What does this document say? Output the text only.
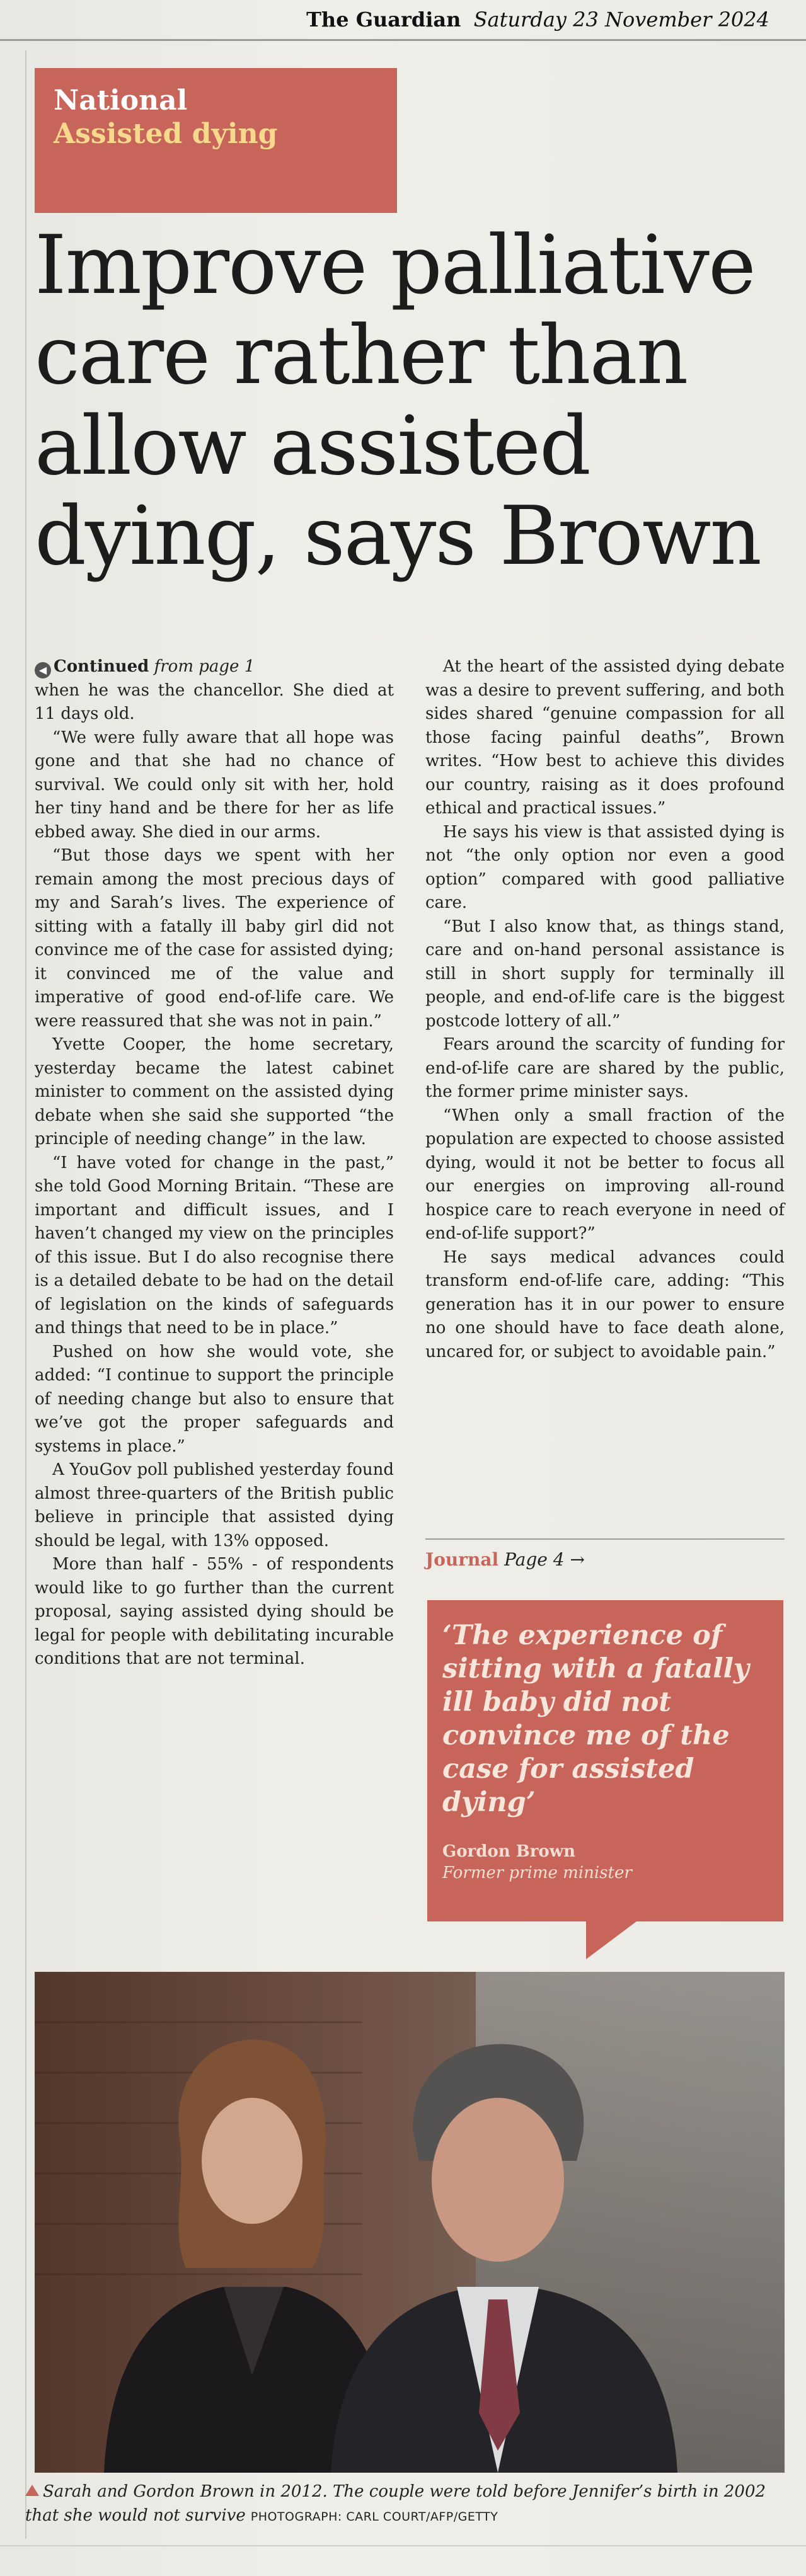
The Guardian Saturday 23 November 2024
National
Assisted dying
Improve palliative care rather than allow assisted dying, says Brown
◀ Continued from page 1

when he was the chancellor. She died at 11 days old.

“We were fully aware that all hope was gone and that she had no chance of survival. We could only sit with her, hold her tiny hand and be there for her as life ebbed away. She died in our arms.

“But those days we spent with her remain among the most precious days of my and Sarah’s lives. The experience of sitting with a fatally ill baby girl did not convince me of the case for assisted dying; it convinced me of the value and imperative of good end-of-life care. We were reassured that she was not in pain.”

Yvette Cooper, the home secretary, yesterday became the latest cabinet minister to comment on the assisted dying debate when she said she supported “the principle of needing change” in the law.

“I have voted for change in the past,” she told Good Morning Britain. “These are important and difficult issues, and I haven’t changed my view on the principles of this issue. But I do also recognise there is a detailed debate to be had on the detail of legislation on the kinds of safeguards and things that need to be in place.”

Pushed on how she would vote, she added: “I continue to support the principle of needing change but also to ensure that we’ve got the proper safeguards and systems in place.”

A YouGov poll published yesterday found almost three-quarters of the British public believe in principle that assisted dying should be legal, with 13% opposed.

More than half - 55% - of respondents would like to go further than the current proposal, saying assisted dying should be legal for people with debilitating incurable conditions that are not terminal.

At the heart of the assisted dying debate was a desire to prevent suffering, and both sides shared “genuine compassion for all those facing painful deaths”, Brown writes. “How best to achieve this divides our country, raising as it does profound ethical and practical issues.”

He says his view is that assisted dying is not “the only option nor even a good option” compared with good palliative care.

“But I also know that, as things stand, care and on-hand personal assistance is still in short supply for terminally ill people, and end-of-life care is the biggest postcode lottery of all.”

Fears around the scarcity of funding for end-of-life care are shared by the public, the former prime minister says.

“When only a small fraction of the population are expected to choose assisted dying, would it not be better to focus all our energies on improving all-round hospice care to reach everyone in need of end-of-life support?”

He says medical advances could transform end-of-life care, adding: “This generation has it in our power to ensure no one should have to face death alone, uncared for, or subject to avoidable pain.”

Journal Page 4 →
‘The experience of sitting with a fatally ill baby did not convince me of the case for assisted dying’
Gordon Brown
Former prime minister
Sarah and Gordon Brown in 2012. The couple were told before Jennifer’s birth in 2002 that she would not survive PHOTOGRAPH: CARL COURT/AFP/GETTY
